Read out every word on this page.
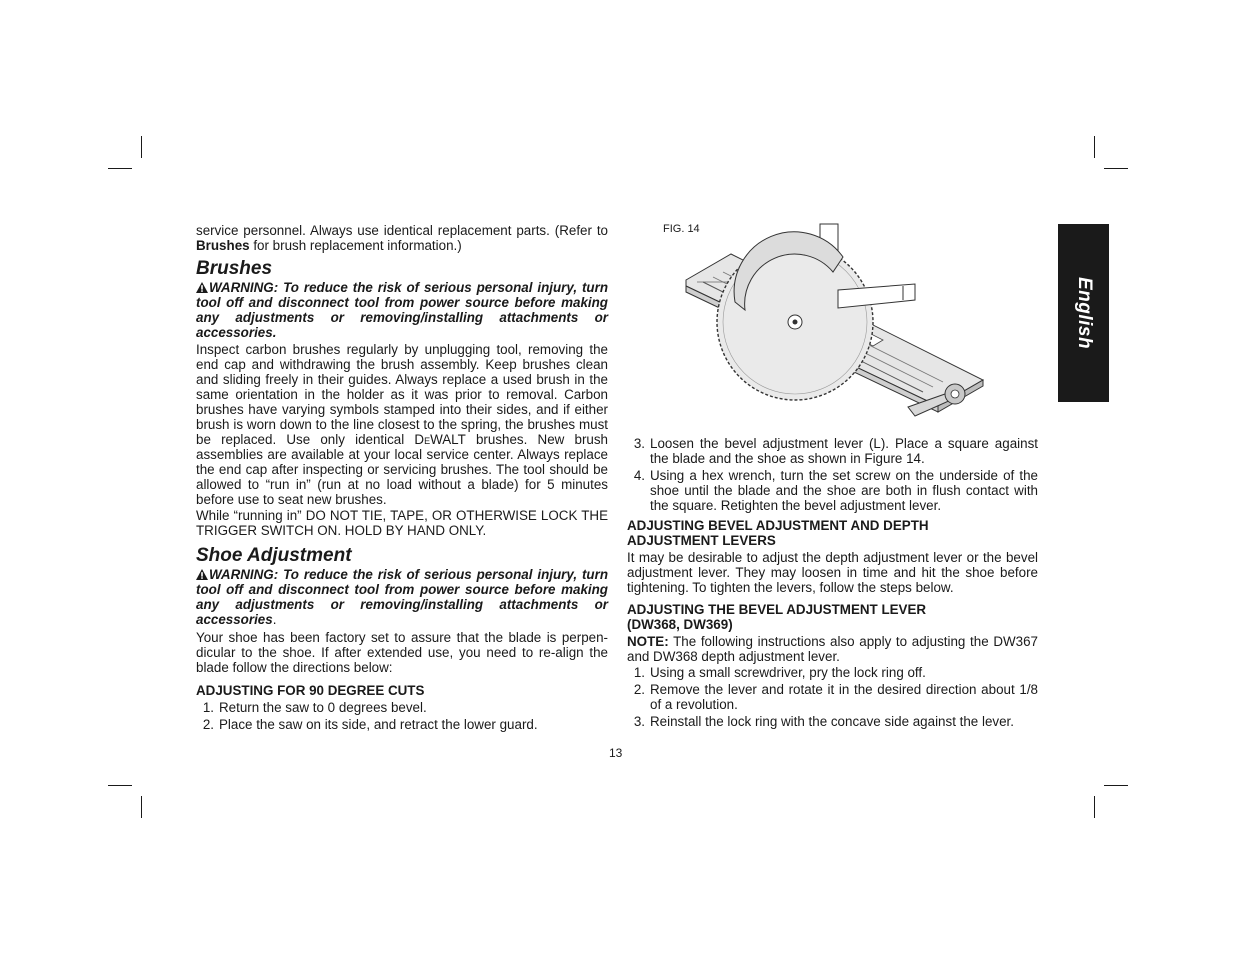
service personnel. Always use identical replacement parts. (Refer to Brushes for brush replacement information.)

Brushes

WARNING: To reduce the risk of serious personal injury, turn tool off and disconnect tool from power source before making any adjustments or removing/installing attachments or accessories.

Inspect carbon brushes regularly by unplugging tool, removing the end cap and withdrawing the brush assembly. Keep brushes clean and sliding freely in their guides. Always replace a used brush in the same orientation in the holder as it was prior to removal. Carbon brushes have varying symbols stamped into their sides, and if either brush is worn down to the line closest to the spring, the brushes must be replaced. Use only identical DeWALT brushes. New brush assemblies are available at your local service center. Always replace the end cap after inspecting or servicing brushes. The tool should be allowed to “run in” (run at no load without a blade) for 5 minutes before use to seat new brushes.

While “running in” DO NOT TIE, TAPE, OR OTHERWISE LOCK THE TRIGGER SWITCH ON. HOLD BY HAND ONLY.

Shoe Adjustment

WARNING: To reduce the risk of serious personal injury, turn tool off and disconnect tool from power source before making any adjustments or removing/installing attachments or accessories.

Your shoe has been factory set to assure that the blade is perpen-dicular to the shoe. If after extended use, you need to re-align the blade follow the directions below:

ADJUSTING FOR 90 DEGREE CUTS

1. Return the saw to 0 degrees bevel.
2. Place the saw on its side, and retract the lower guard.
FIG. 14
3. Loosen the bevel adjustment lever (L). Place a square against the blade and the shoe as shown in Figure 14.
4. Using a hex wrench, turn the set screw on the underside of the shoe until the blade and the shoe are both in flush contact with the square. Retighten the bevel adjustment lever.

ADJUSTING BEVEL ADJUSTMENT AND DEPTH
ADJUSTMENT LEVERS

It may be desirable to adjust the depth adjustment lever or the bevel adjustment lever. They may loosen in time and hit the shoe before tightening. To tighten the levers, follow the steps below.

ADJUSTING THE BEVEL ADJUSTMENT LEVER
(DW368, DW369)

NOTE: The following instructions also apply to adjusting the DW367 and DW368 depth adjustment lever.

1. Using a small screwdriver, pry the lock ring off.
2. Remove the lever and rotate it in the desired direction about 1/8 of a revolution.
3. Reinstall the lock ring with the concave side against the lever.
English
13
